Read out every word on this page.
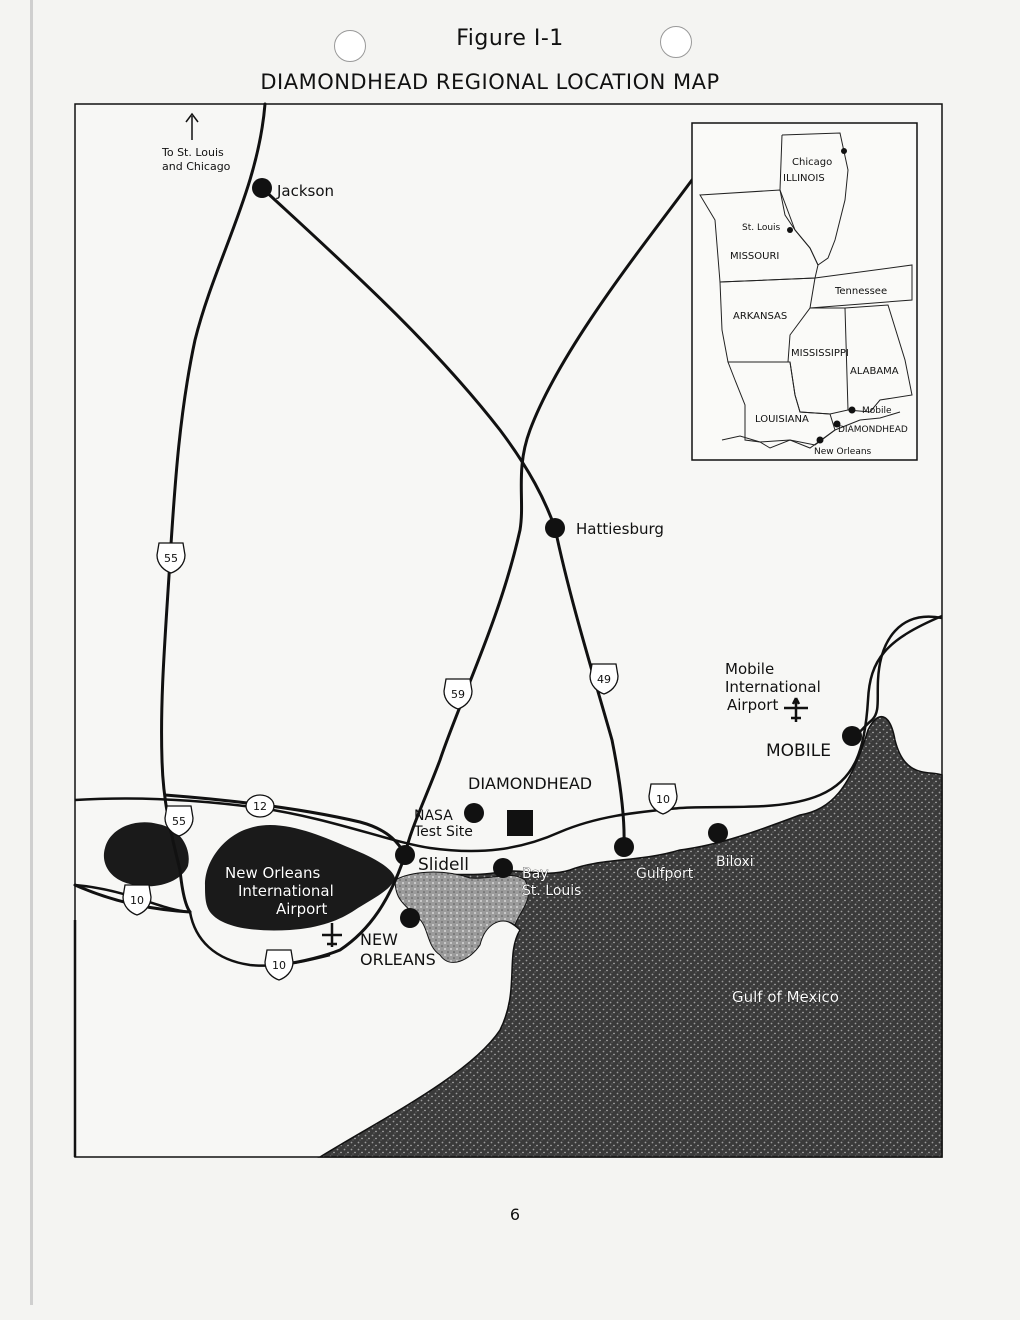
Figure I-1
DIAMONDHEAD REGIONAL LOCATION MAP
55
55
59
49
10
10
10
12
To St. Louis
and Chicago
Jackson
Hattiesburg
MOBILE
DIAMONDHEAD
NASA
Test Site
Slidell	Bay
St. Louis
Gulfport
Biloxi
NEW
ORLEANS
Mobile
International
Airport
New Orleans
International
Airport
Gulf of Mexico
Chicago
ILLINOIS
St. Louis
MISSOURI
Tennessee
ARKANSAS
MISSISSIPPI
ALABAMA
LOUISIANA
Mobile
DIAMONDHEAD
New Orleans
6
